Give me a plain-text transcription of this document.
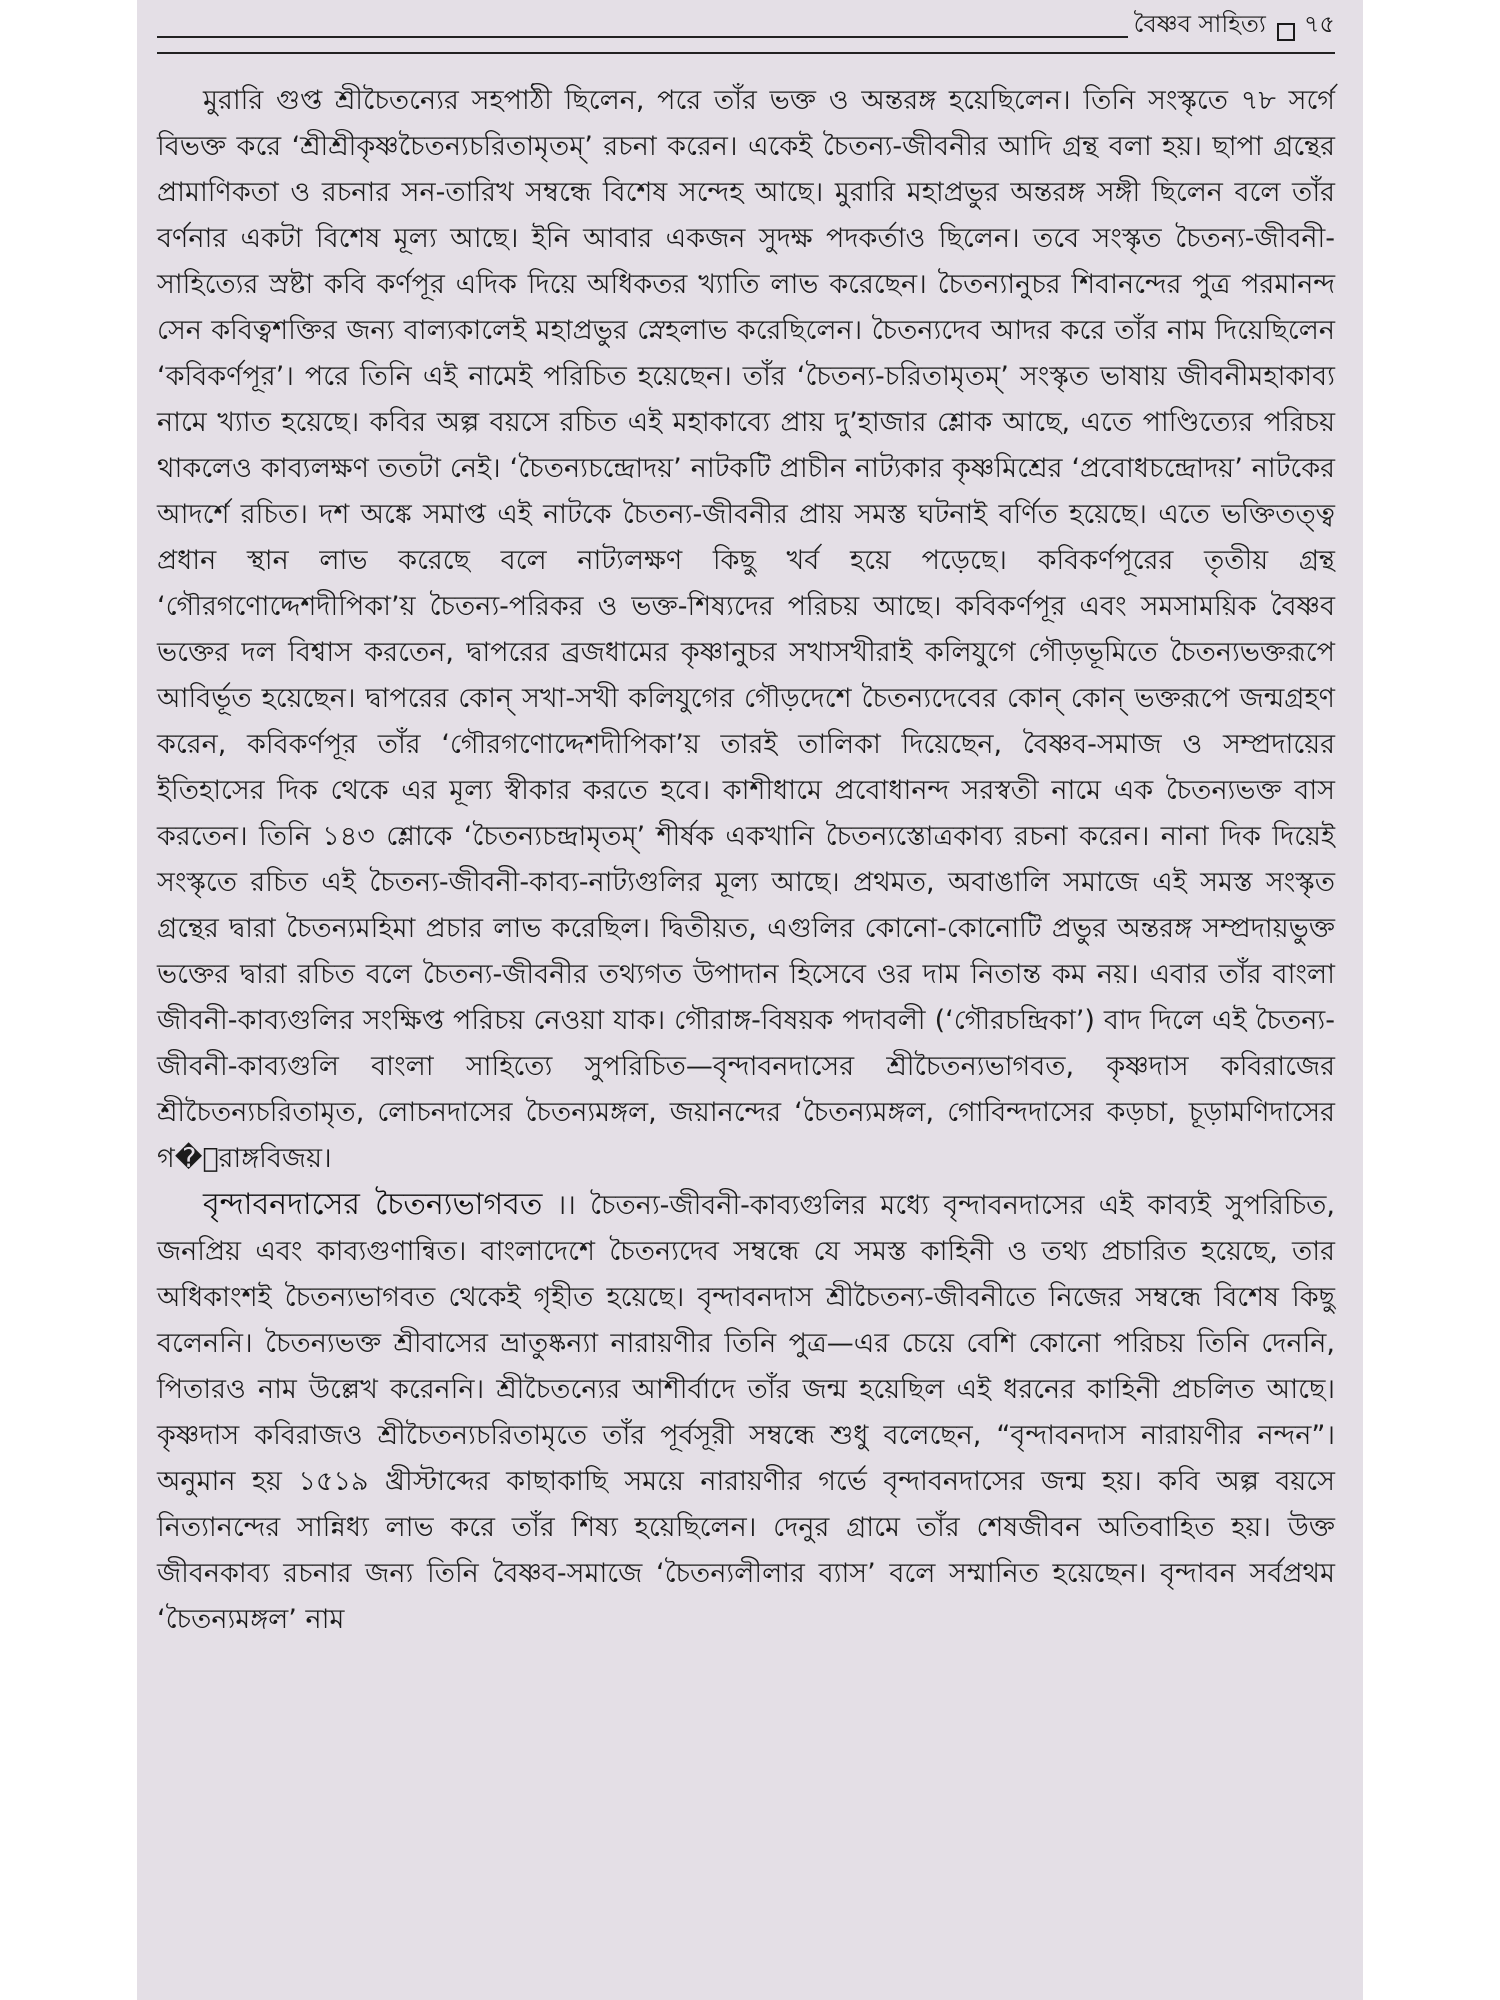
বৈষ্ণব সাহিত্য ৭৫

মুরারি গুপ্ত শ্রীচৈতন্যের সহপাঠী ছিলেন, পরে তাঁর ভক্ত ও অন্তরঙ্গ হয়েছিলেন। তিনি সংস্কৃতে ৭৮ সর্গে বিভক্ত করে ‘শ্রীশ্রীকৃষ্ণচৈতন্যচরিতামৃতম্’ রচনা করেন। একেই চৈতন্য-জীবনীর আদি গ্রন্থ বলা হয়। ছাপা গ্রন্থের প্রামাণিকতা ও রচনার সন-তারিখ সম্বন্ধে বিশেষ সন্দেহ আছে। মুরারি মহাপ্রভুর অন্তরঙ্গ সঙ্গী ছিলেন বলে তাঁর বর্ণনার একটা বিশেষ মূল্য আছে। ইনি আবার একজন সুদক্ষ পদকর্তাও ছিলেন। তবে সংস্কৃত চৈতন্য-জীবনী-সাহিত্যের স্রষ্টা কবি কর্ণপূর এদিক দিয়ে অধিকতর খ্যাতি লাভ করেছেন। চৈতন্যানুচর শিবানন্দের পুত্র পরমানন্দ সেন কবিত্বশক্তির জন্য বাল্যকালেই মহাপ্রভুর স্নেহলাভ করেছিলেন। চৈতন্যদেব আদর করে তাঁর নাম দিয়েছিলেন ‘কবিকর্ণপূর’। পরে তিনি এই নামেই পরিচিত হয়েছেন। তাঁর ‘চৈতন্য-চরিতামৃতম্’ সংস্কৃত ভাষায় জীবনীমহাকাব্য নামে খ্যাত হয়েছে। কবির অল্প বয়সে রচিত এই মহাকাব্যে প্রায় দু’হাজার শ্লোক আছে, এতে পাণ্ডিত্যের পরিচয় থাকলেও কাব্যলক্ষণ ততটা নেই। ‘চৈতন্যচন্দ্রোদয়’ নাটকটি প্রাচীন নাট্যকার কৃষ্ণমিশ্রের ‘প্রবোধচন্দ্রোদয়’ নাটকের আদর্শে রচিত। দশ অঙ্কে সমাপ্ত এই নাটকে চৈতন্য-জীবনীর প্রায় সমস্ত ঘটনাই বর্ণিত হয়েছে। এতে ভক্তিতত্ত্ব প্রধান স্থান লাভ করেছে বলে নাট্যলক্ষণ কিছু খর্ব হয়ে পড়েছে। কবিকর্ণপূরের তৃতীয় গ্রন্থ ‘গৌরগণোদ্দেশদীপিকা’য় চৈতন্য-পরিকর ও ভক্ত-শিষ্যদের পরিচয় আছে। কবিকর্ণপূর এবং সমসাময়িক বৈষ্ণব ভক্তের দল বিশ্বাস করতেন, দ্বাপরের ব্রজধামের কৃষ্ণানুচর সখাসখীরাই কলিযুগে গৌড়ভূমিতে চৈতন্যভক্তরূপে আবির্ভূত হয়েছেন। দ্বাপরের কোন্ সখা-সখী কলিযুগের গৌড়দেশে চৈতন্যদেবের কোন্ কোন্ ভক্তরূপে জন্মগ্রহণ করেন, কবিকর্ণপূর তাঁর ‘গৌরগণোদ্দেশদীপিকা’য় তারই তালিকা দিয়েছেন, বৈষ্ণব-সমাজ ও সম্প্রদায়ের ইতিহাসের দিক থেকে এর মূল্য স্বীকার করতে হবে। কাশীধামে প্রবোধানন্দ সরস্বতী নামে এক চৈতন্যভক্ত বাস করতেন। তিনি ১৪৩ শ্লোকে ‘চৈতন্যচন্দ্রামৃতম্’ শীর্ষক একখানি চৈতন্যস্তোত্রকাব্য রচনা করেন। নানা দিক দিয়েই সংস্কৃতে রচিত এই চৈতন্য-জীবনী-কাব্য-নাট্যগুলির মূল্য আছে। প্রথমত, অবাঙালি সমাজে এই সমস্ত সংস্কৃত গ্রন্থের দ্বারা চৈতন্যমহিমা প্রচার লাভ করেছিল। দ্বিতীয়ত, এগুলির কোনো-কোনোটি প্রভুর অন্তরঙ্গ সম্প্রদায়ভুক্ত ভক্তের দ্বারা রচিত বলে চৈতন্য-জীবনীর তথ্যগত উপাদান হিসেবে ওর দাম নিতান্ত কম নয়। এবার তাঁর বাংলা জীবনী-কাব্যগুলির সংক্ষিপ্ত পরিচয় নেওয়া যাক। গৌরাঙ্গ-বিষয়ক পদাবলী (‘গৌরচন্দ্রিকা’) বাদ দিলে এই চৈতন্য-জীবনী-কাব্যগুলি বাংলা সাহিত্যে সুপরিচিত—বৃন্দাবনদাসের শ্রীচৈতন্যভাগবত, কৃষ্ণদাস কবিরাজের শ্রীচৈতন্যচরিতামৃত, লোচনদাসের চৈতন্যমঙ্গল, জয়ানন্দের ‘চৈতন্যমঙ্গল, গোবিন্দদাসের কড়চা, চূড়ামণিদাসের গ�ৌরাঙ্গবিজয়।

বৃন্দাবনদাসের চৈতন্যভাগবত ।। চৈতন্য-জীবনী-কাব্যগুলির মধ্যে বৃন্দাবনদাসের এই কাব্যই সুপরিচিত, জনপ্রিয় এবং কাব্যগুণান্বিত। বাংলাদেশে চৈতন্যদেব সম্বন্ধে যে সমস্ত কাহিনী ও তথ্য প্রচারিত হয়েছে, তার অধিকাংশই চৈতন্যভাগবত থেকেই গৃহীত হয়েছে। বৃন্দাবনদাস শ্রীচৈতন্য-জীবনীতে নিজের সম্বন্ধে বিশেষ কিছু বলেননি। চৈতন্যভক্ত শ্রীবাসের ভ্রাতুষ্কন্যা নারায়ণীর তিনি পুত্র—এর চেয়ে বেশি কোনো পরিচয় তিনি দেননি, পিতারও নাম উল্লেখ করেননি। শ্রীচৈতন্যের আশীর্বাদে তাঁর জন্ম হয়েছিল এই ধরনের কাহিনী প্রচলিত আছে। কৃষ্ণদাস কবিরাজও শ্রীচৈতন্যচরিতামৃতে তাঁর পূর্বসূরী সম্বন্ধে শুধু বলেছেন, “বৃন্দাবনদাস নারায়ণীর নন্দন”। অনুমান হয় ১৫১৯ খ্রীস্টাব্দের কাছাকাছি সময়ে নারায়ণীর গর্ভে বৃন্দাবনদাসের জন্ম হয়। কবি অল্প বয়সে নিত্যানন্দের সান্নিধ্য লাভ করে তাঁর শিষ্য হয়েছিলেন। দেনুর গ্রামে তাঁর শেষজীবন অতিবাহিত হয়। উক্ত জীবনকাব্য রচনার জন্য তিনি বৈষ্ণব-সমাজে ‘চৈতন্যলীলার ব্যাস’ বলে সম্মানিত হয়েছেন। বৃন্দাবন সর্বপ্রথম ‘চৈতন্যমঙ্গল’ নাম
